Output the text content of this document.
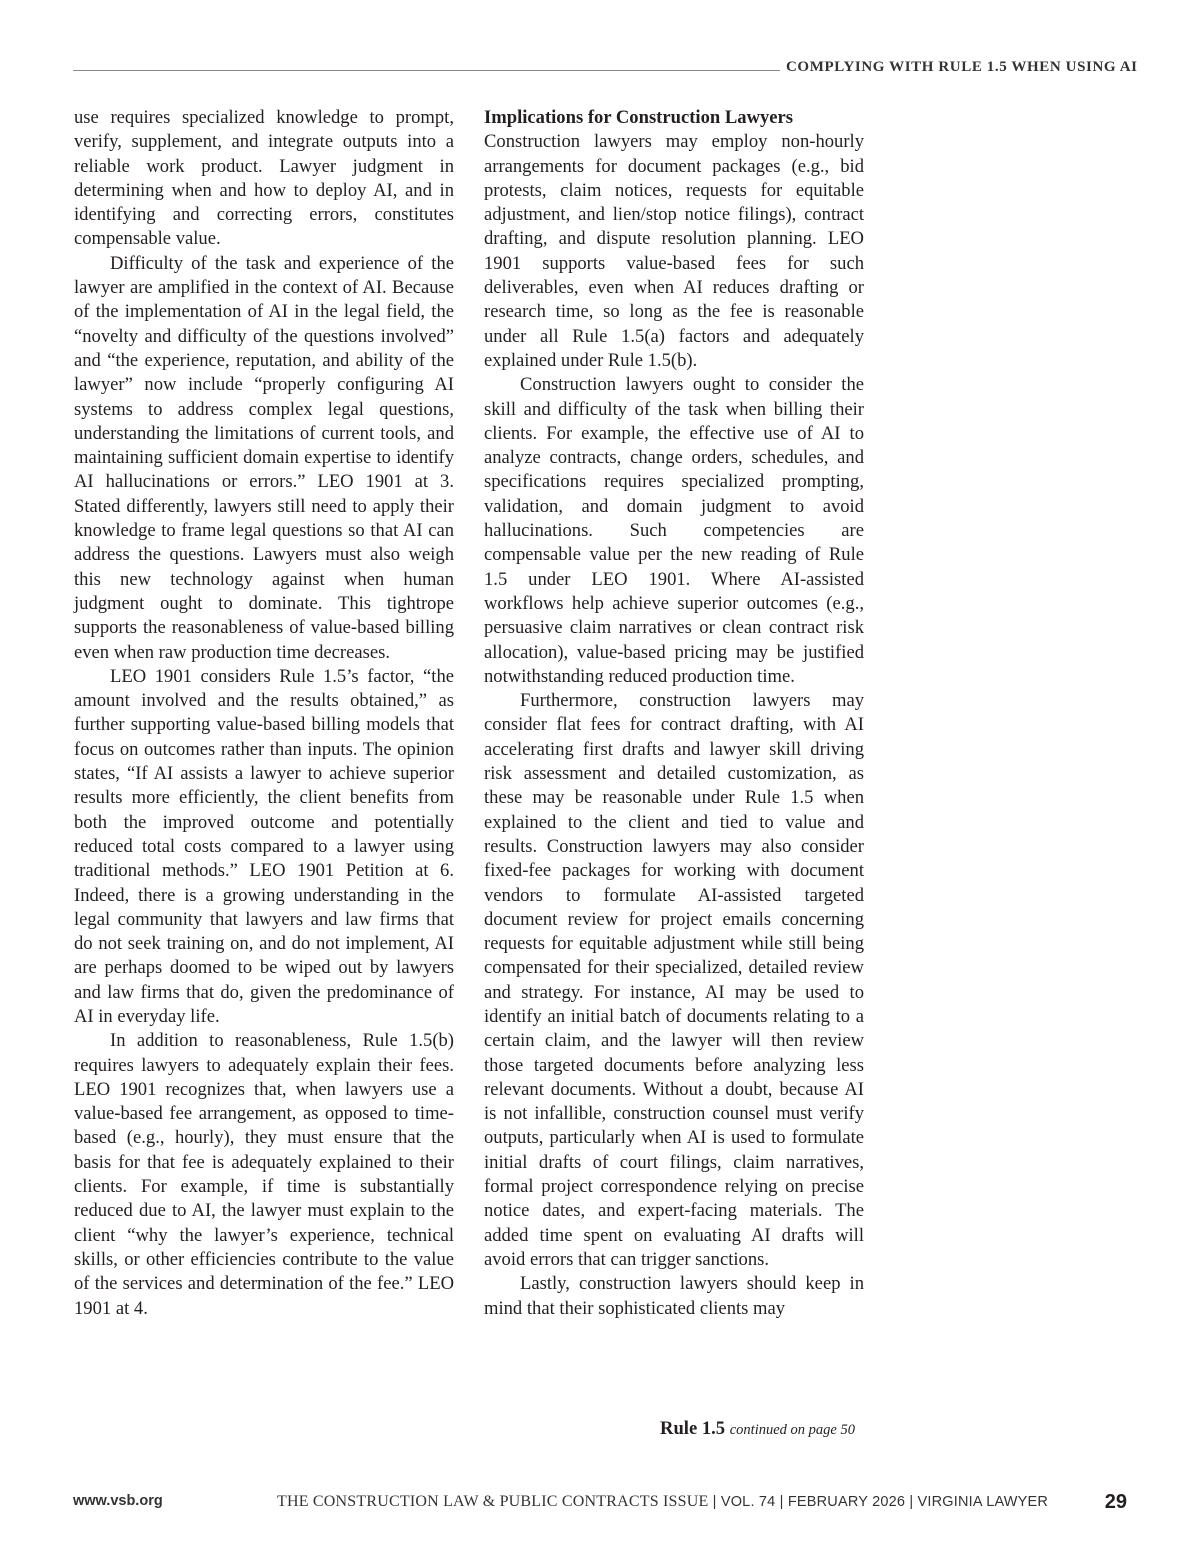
COMPLYING WITH RULE 1.5 WHEN USING AI

use requires specialized knowledge to prompt, verify, supplement, and integrate outputs into a reliable work product. Lawyer judgment in determining when and how to deploy AI, and in identifying and correcting errors, constitutes compensable value.

Difficulty of the task and experience of the lawyer are amplified in the context of AI. Because of the implementation of AI in the legal field, the “novelty and difficulty of the questions involved” and “the experience, reputation, and ability of the lawyer” now include “properly configuring AI systems to address complex legal questions, understanding the limitations of current tools, and maintaining sufficient domain expertise to identify AI hallucinations or errors.” LEO 1901 at 3. Stated differently, lawyers still need to apply their knowledge to frame legal questions so that AI can address the questions. Lawyers must also weigh this new technology against when human judgment ought to dominate. This tightrope supports the reasonableness of value-based billing even when raw production time decreases.

LEO 1901 considers Rule 1.5’s factor, “the amount involved and the results obtained,” as further supporting value-based billing models that focus on outcomes rather than inputs. The opinion states, “If AI assists a lawyer to achieve superior results more efficiently, the client benefits from both the improved outcome and potentially reduced total costs compared to a lawyer using traditional methods.” LEO 1901 Petition at 6. Indeed, there is a growing understanding in the legal community that lawyers and law firms that do not seek training on, and do not implement, AI are perhaps doomed to be wiped out by lawyers and law firms that do, given the predominance of AI in everyday life.

In addition to reasonableness, Rule 1.5(b) requires lawyers to adequately explain their fees. LEO 1901 recognizes that, when lawyers use a value-based fee arrangement, as opposed to time-based (e.g., hourly), they must ensure that the basis for that fee is adequately explained to their clients. For example, if time is substantially reduced due to AI, the lawyer must explain to the client “why the lawyer’s experience, technical skills, or other efficiencies contribute to the value of the services and determination of the fee.” LEO 1901 at 4.

Implications for Construction Lawyers

Construction lawyers may employ non-hourly arrangements for document packages (e.g., bid protests, claim notices, requests for equitable adjustment, and lien/stop notice filings), contract drafting, and dispute resolution planning. LEO 1901 supports value-based fees for such deliverables, even when AI reduces drafting or research time, so long as the fee is reasonable under all Rule 1.5(a) factors and adequately explained under Rule 1.5(b).

Construction lawyers ought to consider the skill and difficulty of the task when billing their clients. For example, the effective use of AI to analyze contracts, change orders, schedules, and specifications requires specialized prompting, validation, and domain judgment to avoid hallucinations. Such competencies are compensable value per the new reading of Rule 1.5 under LEO 1901. Where AI-assisted workflows help achieve superior outcomes (e.g., persuasive claim narratives or clean contract risk allocation), value-based pricing may be justified notwithstanding reduced production time.

Furthermore, construction lawyers may consider flat fees for contract drafting, with AI accelerating first drafts and lawyer skill driving risk assessment and detailed customization, as these may be reasonable under Rule 1.5 when explained to the client and tied to value and results. Construction lawyers may also consider fixed-fee packages for working with document vendors to formulate AI-assisted targeted document review for project emails concerning requests for equitable adjustment while still being compensated for their specialized, detailed review and strategy. For instance, AI may be used to identify an initial batch of documents relating to a certain claim, and the lawyer will then review those targeted documents before analyzing less relevant documents. Without a doubt, because AI is not infallible, construction counsel must verify outputs, particularly when AI is used to formulate initial drafts of court filings, claim narratives, formal project correspondence relying on precise notice dates, and expert-facing materials. The added time spent on evaluating AI drafts will avoid errors that can trigger sanctions.

Lastly, construction lawyers should keep in mind that their sophisticated clients may

Rule 1.5 continued on page 50
www.vsb.org	THE CONSTRUCTION LAW & PUBLIC CONTRACTS ISSUE | VOL. 74 | FEBRUARY 2026 | VIRGINIA LAWYER	29
